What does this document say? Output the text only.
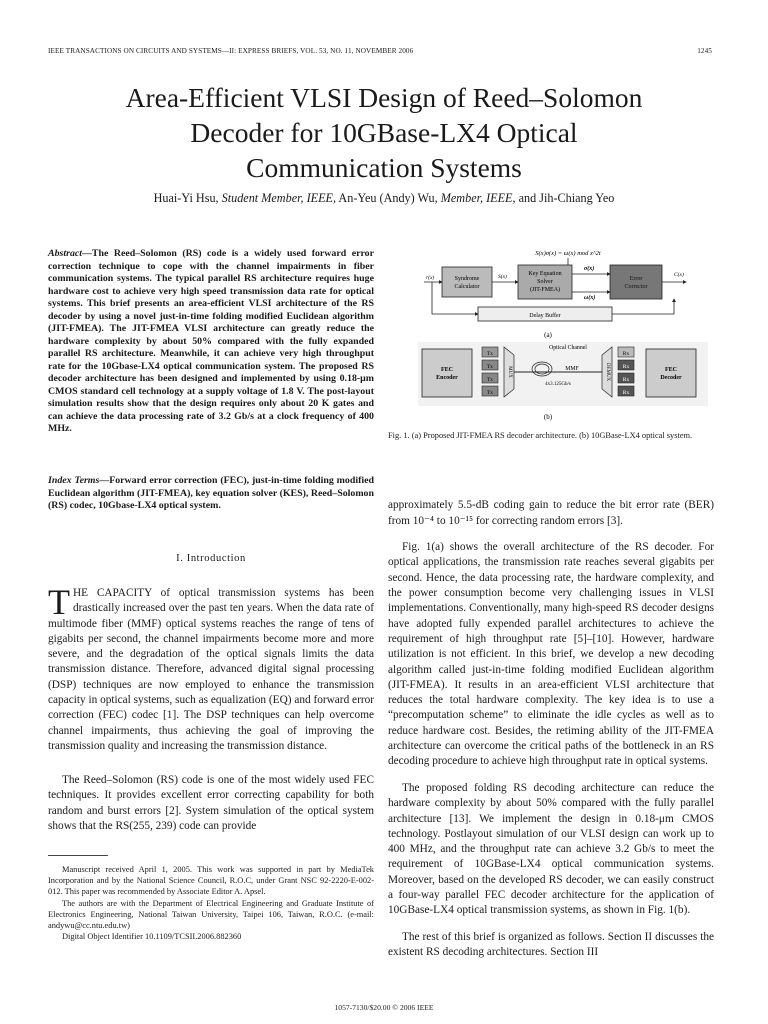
IEEE TRANSACTIONS ON CIRCUITS AND SYSTEMS—II: EXPRESS BRIEFS, VOL. 53, NO. 11, NOVEMBER 2006	1245
Area-Efficient VLSI Design of Reed–Solomon
Decoder for 10GBase-LX4 Optical
Communication Systems
Huai-Yi Hsu, Student Member, IEEE, An-Yeu (Andy) Wu, Member, IEEE, and Jih-Chiang Yeo
Abstract—The Reed–Solomon (RS) code is a widely used forward error correction technique to cope with the channel impairments in fiber communication systems. The typical parallel RS architecture requires huge hardware cost to achieve very high speed transmission data rate for optical systems. This brief presents an area-efficient VLSI architecture of the RS decoder by using a novel just-in-time folding modified Euclidean algorithm (JIT-FMEA). The JIT-FMEA VLSI architecture can greatly reduce the hardware complexity by about 50% compared with the fully expanded parallel RS architecture. Meanwhile, it can achieve very high throughput rate for the 10Gbase-LX4 optical communication system. The proposed RS decoder architecture has been designed and implemented by using 0.18-μm CMOS standard cell technology at a supply voltage of 1.8 V. The post-layout simulation results show that the design requires only about 20 K gates and can achieve the data processing rate of 3.2 Gb/s at a clock frequency of 400 MHz.
Index Terms—Forward error correction (FEC), just-in-time folding modified Euclidean algorithm (JIT-FMEA), key equation solver (KES), Reed–Solomon (RS) codec, 10Gbase-LX4 optical system.
I. Introduction
THE CAPACITY of optical transmission systems has been drastically increased over the past ten years. When the data rate of multimode fiber (MMF) optical systems reaches the range of tens of gigabits per second, the channel impairments become more and more severe, and the degradation of the optical signals limits the data transmission distance. Therefore, advanced digital signal processing (DSP) techniques are now employed to enhance the transmission capacity in optical systems, such as equalization (EQ) and forward error correction (FEC) codec [1]. The DSP techniques can help overcome channel impairments, thus achieving the goal of improving the transmission quality and increasing the transmission distance.
The Reed–Solomon (RS) code is one of the most widely used FEC techniques. It provides excellent error correcting capability for both random and burst errors [2]. System simulation of the optical system shows that the RS(255, 239) code can provide

Manuscript received April 1, 2005. This work was supported in part by MediaTek Incorporation and by the National Science Council, R.O.C, under Grant NSC 92-2220-E-002-012. This paper was recommended by Associate Editor A. Apsel.

The authors are with the Department of Electrical Engineering and Graduate Institute of Electronics Engineering, National Taiwan University, Taipei 106, Taiwan, R.O.C. (e-mail: andywu@cc.ntu.edu.tw)

Digital Object Identifier 10.1109/TCSII.2006.882360

S(x)σ(x) = ω(x) mod x^2t
r(x)	Syndrome
Calculator
S(x)	Key Equation
Solver
(JIT-FMEA)
σ(x)
ω(x)
Error
Corrector
C(x)
Delay Buffer
(a)
FEC
Encoder
Tx
Tx
Tx
Tx
MUX
Optical Channel
MMF
4x3.125Gb/s
DEMUX
Rx
Rx
Rx
Rx
FEC
Decoder
(b)
Fig. 1. (a) Proposed JIT-FMEA RS decoder architecture. (b) 10GBase-LX4 optical system.

approximately 5.5-dB coding gain to reduce the bit error rate (BER) from 10⁻⁴ to 10⁻¹⁵ for correcting random errors [3].

Fig. 1(a) shows the overall architecture of the RS decoder. For optical applications, the transmission rate reaches several gigabits per second. Hence, the data processing rate, the hardware complexity, and the power consumption become very challenging issues in VLSI implementations. Conventionally, many high-speed RS decoder designs have adopted fully expended parallel architectures to achieve the requirement of high throughput rate [5]–[10]. However, hardware utilization is not efficient. In this brief, we develop a new decoding algorithm called just-in-time folding modified Euclidean algorithm (JIT-FMEA). It results in an area-efficient VLSI architecture that reduces the total hardware complexity. The key idea is to use a “precomputation scheme” to eliminate the idle cycles as well as to reduce hardware cost. Besides, the retiming ability of the JIT-FMEA architecture can overcome the critical paths of the bottleneck in an RS decoding procedure to achieve high throughput rate in optical systems.

The proposed folding RS decoding architecture can reduce the hardware complexity by about 50% compared with the fully parallel architecture [13]. We implement the design in 0.18-μm CMOS technology. Postlayout simulation of our VLSI design can work up to 400 MHz, and the throughput rate can achieve 3.2 Gb/s to meet the requirement of 10GBase-LX4 optical communication systems. Moreover, based on the developed RS decoder, we can easily construct a four-way parallel FEC decoder architecture for the application of 10GBase-LX4 optical transmission systems, as shown in Fig. 1(b).

The rest of this brief is organized as follows. Section II discusses the existent RS decoding architectures. Section III

1057-7130/$20.00 © 2006 IEEE
